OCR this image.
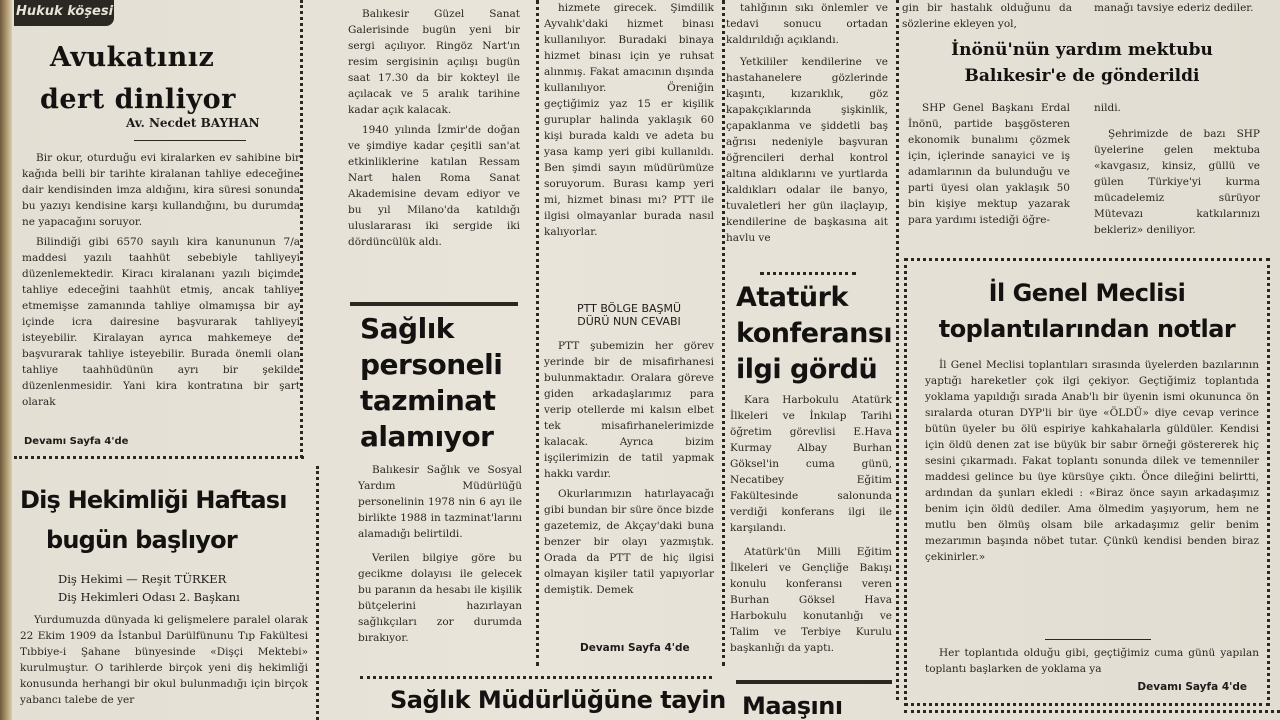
Hukuk köşesi
Avukatınız
dert dinliyor
Av. Necdet BAYHAN

Bir okur, oturduğu evi kiralarken ev sahibine bir kağıda belli bir tarihte kiralanan tahliye edeceğine dair kendisinden imza aldığını, kira süresi sonunda bu yazıyı kendisine karşı kullandığını, bu durumda ne yapacağını soruyor.

Bilindiği gibi 6570 sayılı kira kanununun 7/a maddesi yazılı taahhüt sebebiyle tahliyeyi düzenlemektedir. Kiracı kiralananı yazılı biçimde tahliye edeceğini taahhüt etmiş, ancak tahliye etmemişse zamanında tahliye olmamışsa bir ay içinde icra dairesine başvurarak tahliyeyi isteyebilir. Kiralayan ayrıca mahkemeye de başvurarak tahliye isteyebilir. Burada önemli olan tahliye taahhüdünün ayrı bir şekilde düzenlenmesidir. Yani kira kontratına bir şart olarak

Devamı Sayfa 4'de
Diş Hekimliği Haftası
bugün başlıyor
Diş Hekimi — Reşit TÜRKER
Diş Hekimleri Odası 2. Başkanı

Yurdumuzda dünyada ki gelişmelere paralel olarak 22 Ekim 1909 da İstanbul Darülfünunu Tıp Fakültesi Tıbbiye-i Şahane bünyesinde «Dişçi Mektebi» kurulmuştur. O tarihlerde birçok yeni diş hekimliği konusunda herhangi bir okul bulunmadığı için birçok yabancı talebe de yer

Balıkesir Güzel Sanat Galerisinde bugün yeni bir sergi açılıyor. Ringöz Nart'ın resim sergisinin açılışı bugün saat 17.30 da bir kokteyl ile açılacak ve 5 aralık tarihine kadar açık kalacak.

1940 yılında İzmir'de doğan ve şimdiye kadar çeşitli san'at etkinliklerine katılan Ressam Nart halen Roma Sanat Akademisine devam ediyor ve bu yıl Milano'da katıldığı uluslararası iki sergide iki dördüncülük aldı.

Sağlık
personeli
tazminat
alamıyor

Balıkesir Sağlık ve Sosyal Yardım Müdürlüğü personelinin 1978 nin 6 ayı ile birlikte 1988 in tazminat'larını alamadığı belirtildi.

Verilen bilgiye göre bu gecikme dolayısı ile gelecek bu paranın da hesabı ile kişilik bütçelerini hazırlayan sağlıkçıları zor durumda bırakıyor.

hizmete girecek. Şimdilik Ayvalık'daki hizmet binası kullanılıyor. Buradaki binaya hizmet binası için ye ruhsat alınmış. Fakat amacının dışında kullanılıyor. Öreniğin geçtiğimiz yaz 15 er kişilik guruplar halinda yaklaşık 60 kişi burada kaldı ve adeta bu yasa kamp yeri gibi kullanıldı. Ben şimdi sayın müdürümüze soruyorum. Burası kamp yeri mi, hizmet binası mı? PTT ile ilgisi olmayanlar burada nasıl kalıyorlar.

PTT BÖLGE BAŞMÜ
DÜRÜ NUN CEVABI

PTT şubemizin her görev yerinde bir de misafirhanesi bulunmaktadır. Oralara göreve giden arkadaşlarımız para verip otellerde mi kalsın elbet tek misafirhanelerimizde kalacak. Ayrıca bizim işçilerimizin de tatil yapmak hakkı vardır.

Okurlarımızın hatırlayacağı gibi bundan bir süre önce bizde gazetemiz, de Akçay'daki buna benzer bir olayı yazmıştık. Orada da PTT de hiç ilgisi olmayan kişiler tatil yapıyorlar demiştik. Demek

Devamı Sayfa 4'de

tahlğının sıkı önlemler ve tedavi sonucu ortadan kaldırıldığı açıklandı.

Yetkililer kendilerine ve hastahanelere gözlerinde kaşıntı, kızarıklık, göz kapakçıklarında şişkinlik, çapaklanma ve şiddetli baş ağrısı nedeniyle başvuran öğrencileri derhal kontrol altına aldıklarını ve yurtlarda kaldıkları odalar ile banyo, tuvaletleri her gün ilaçlayıp, kendilerine de başkasına ait havlu ve

Atatürk
konferansı
ilgi gördü

Kara Harbokulu Atatürk İlkeleri ve İnkılap Tarihi öğretim görevlisi E.Hava Kurmay Albay Burhan Göksel'in cuma günü, Necatibey Eğitim Fakültesinde salonunda verdiği konferans ilgi ile karşılandı.

Atatürk'ün Milli Eğitim İlkeleri ve Gençliğe Bakışı konulu konferansı veren Burhan Göksel Hava Harbokulu konutanlığı ve Talim ve Terbiye Kurulu başkanlığı da yaptı.

gin bir hastalık olduğunu da sözlerine ekleyen yol,
manağı tavsiye ederiz dediler.
İnönü'nün yardım mektubu
Balıkesir'e de gönderildi

SHP Genel Başkanı Erdal İnönü, partide başgösteren ekonomik bunalımı çözmek için, içlerinde sanayici ve iş adamlarının da bulunduğu ve parti üyesi olan yaklaşık 50 bin kişiye mektup yazarak para yardımı istediği öğre-

nildi.

Şehrimizde de bazı SHP üyelerine gelen mektuba «kavgasız, kinsiz, güllü ve gülen Türkiye'yi kurma mücadelemiz sürüyor Mütevazı katkılarınızı bekleriz» deniliyor.

İl Genel Meclisi
toplantılarından notlar

İl Genel Meclisi toplantıları sırasında üyelerden bazılarının yaptığı hareketler çok ilgi çekiyor. Geçtiğimiz toplantıda yoklama yapıldığı sırada Anab'lı bir üyenin ismi okununca ön sıralarda oturan DYP'li bir üye «ÖLDÜ» diye cevap verince bütün üyeler bu ölü espiriye kahkahalarla güldüler. Kendisi için öldü denen zat ise büyük bir sabır örneği göstererek hiç sesini çıkarmadı. Fakat toplantı sonunda dilek ve temenniler maddesi gelince bu üye kürsüye çıktı. Önce dileğini belirtti, ardından da şunları ekledi : «Biraz önce sayın arkadaşımız benim için öldü dediler. Ama ölmedim yaşıyorum, hem ne mutlu ben ölmüş olsam bile arkadaşımız gelir benim mezarımın başında nöbet tutar. Çünkü kendisi benden biraz çekinirler.»

Her toplantıda olduğu gibi, geçtiğimiz cuma günü yapılan toplantı başlarken de yoklama ya

Devamı Sayfa 4'de
Sağlık Müdürlüğüne tayin Maaşını
